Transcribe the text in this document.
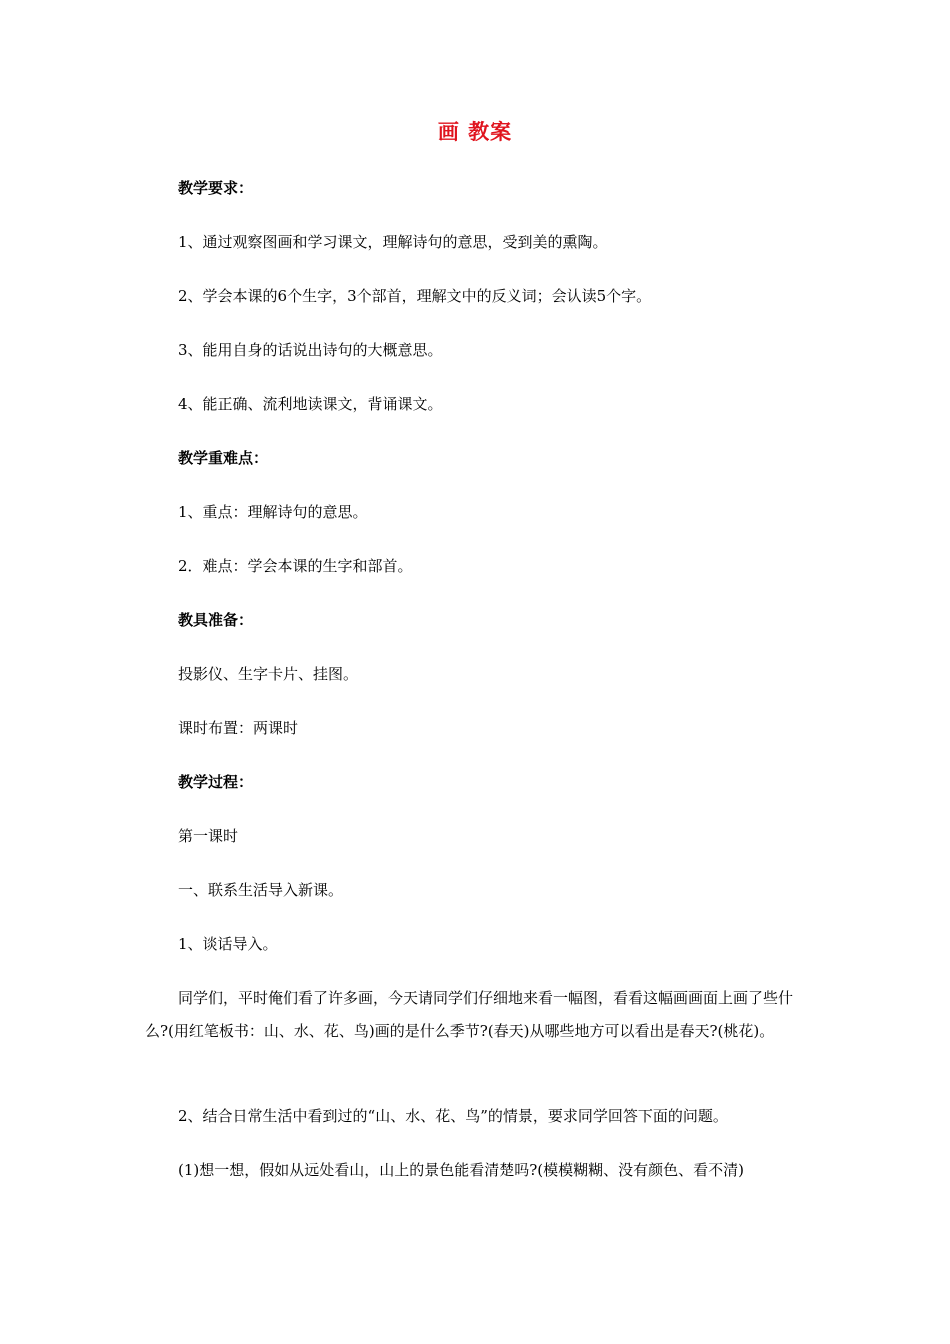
画 教案
教学要求：
1、通过观察图画和学习课文，理解诗句的意思，受到美的熏陶。
2、学会本课的6个生字，3个部首，理解文中的反义词；会认读5个字。
3、能用自身的话说出诗句的大概意思。
4、能正确、流利地读课文，背诵课文。
教学重难点：
1、重点：理解诗句的意思。
2．难点：学会本课的生字和部首。
教具准备：
投影仪、生字卡片、挂图。
课时布置：两课时
教学过程：
第一课时
一、联系生活导入新课。
1、谈话导入。
同学们，平时俺们看了许多画，今天请同学们仔细地来看一幅图，看看这幅画画面上画了些什么?(用红笔板书：山、水、花、鸟)画的是什么季节?(春天)从哪些地方可以看出是春天?(桃花)。
2、结合日常生活中看到过的“山、水、花、鸟”的情景，要求同学回答下面的问题。
(1)想一想，假如从远处看山，山上的景色能看清楚吗?(模模糊糊、没有颜色、看不清)
